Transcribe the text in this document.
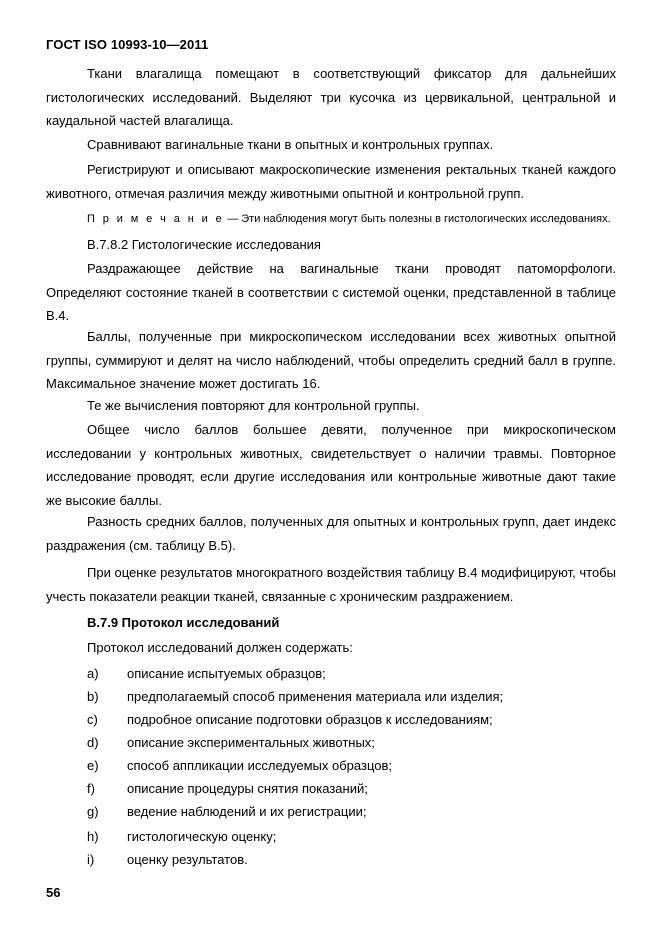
ГОСТ ISO 10993-10—2011
Ткани влагалища помещают в соответствующий фиксатор для дальнейших гистологических исследований. Выделяют три кусочка из цервикальной, центральной и каудальной частей влагалища.
Сравнивают вагинальные ткани в опытных и контрольных группах.
Регистрируют и описывают макроскопические изменения ректальных тканей каждого животного, отмечая различия между животными опытной и контрольной групп.
П р и м е ч а н и е — Эти наблюдения могут быть полезны в гистологических исследованиях.
В.7.8.2 Гистологические исследования
Раздражающее действие на вагинальные ткани проводят патоморфологи. Определяют состояние тканей в соответствии с системой оценки, представленной в таблице В.4.
Баллы, полученные при микроскопическом исследовании всех животных опытной группы, суммируют и делят на число наблюдений, чтобы определить средний балл в группе. Максимальное значение может достигать 16.
Те же вычисления повторяют для контрольной группы.
Общее число баллов большее девяти, полученное при микроскопическом исследовании у контрольных животных, свидетельствует о наличии травмы. Повторное исследование проводят, если другие исследования или контрольные животные дают такие же высокие баллы.
Разность средних баллов, полученных для опытных и контрольных групп, дает индекс раздражения (см. таблицу В.5).
При оценке результатов многократного воздействия таблицу В.4 модифицируют, чтобы учесть показатели реакции тканей, связанные с хроническим раздражением.
В.7.9 Протокол исследований
Протокол исследований должен содержать:
a) описание испытуемых образцов;
b) предполагаемый способ применения материала или изделия;
c) подробное описание подготовки образцов к исследованиям;
d) описание экспериментальных животных;
e) способ аппликации исследуемых образцов;
f) описание процедуры снятия показаний;
g) ведение наблюдений и их регистрации;
h) гистологическую оценку;
i)	оценку результатов.
56
